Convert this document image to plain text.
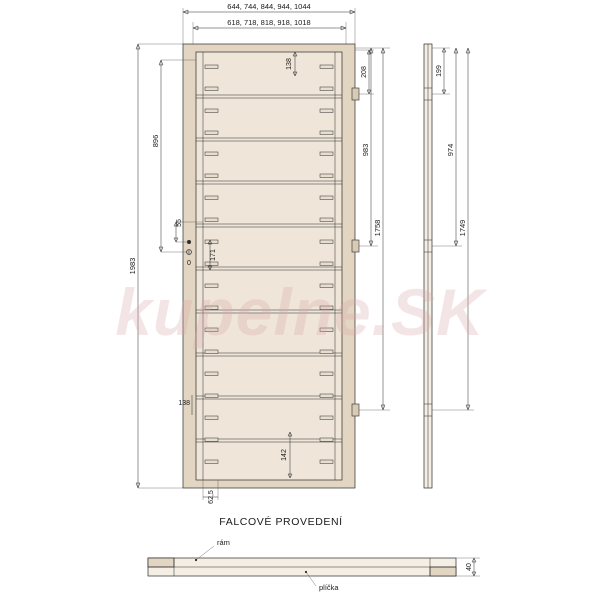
644, 744, 844, 944, 1044
618, 718, 818, 918, 1018
1983
896
55
171
0
138
138
208
983
1758
142
62,5
199
974
1749
FALCOVÉ PROVEDENÍ
rám
plíčka
40
kupelne.SK
